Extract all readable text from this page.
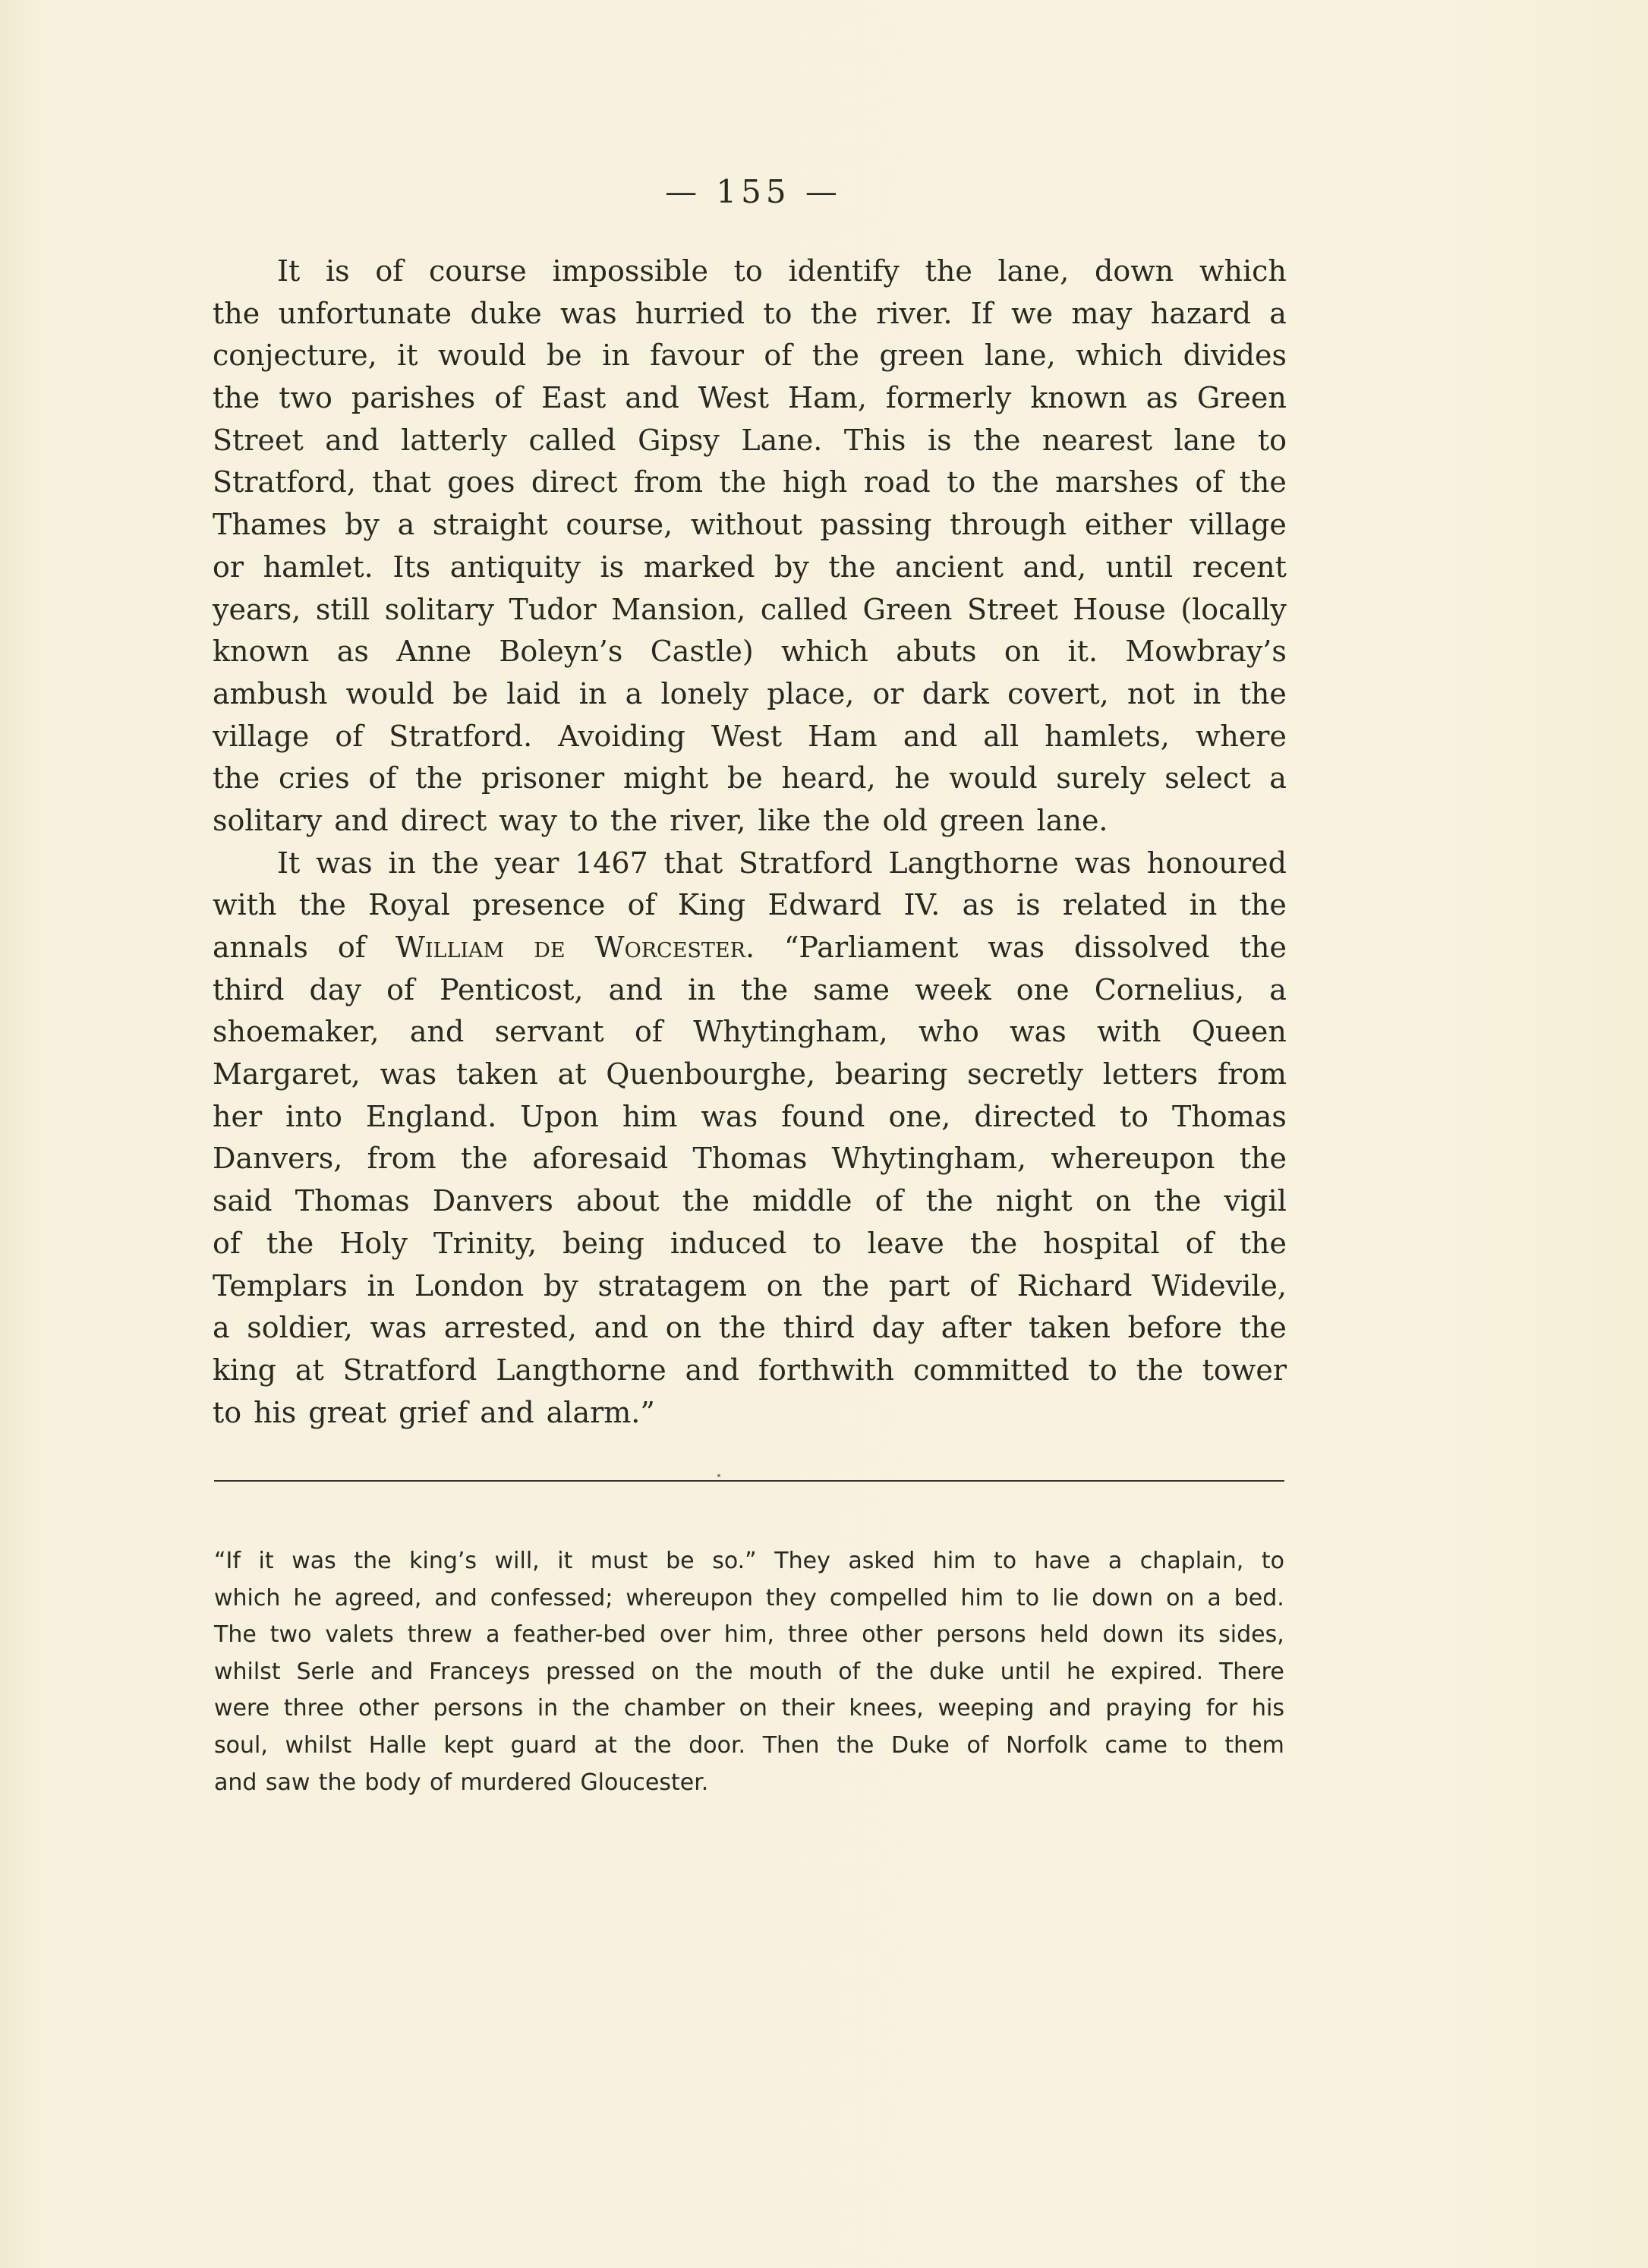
— 155 —
It is of course impossible to identify the lane, down which
the unfortunate duke was hurried to the river. If we may hazard a
conjecture, it would be in favour of the green lane, which divides
the two parishes of East and West Ham, formerly known as Green
Street and latterly called Gipsy Lane. This is the nearest lane to
Stratford, that goes direct from the high road to the marshes of the
Thames by a straight course, without passing through either village
or hamlet. Its antiquity is marked by the ancient and, until recent
years, still solitary Tudor Mansion, called Green Street House (locally
known as Anne Boleyn’s Castle) which abuts on it. Mowbray’s
ambush would be laid in a lonely place, or dark covert, not in the
village of Stratford. Avoiding West Ham and all hamlets, where
the cries of the prisoner might be heard, he would surely select a
solitary and direct way to the river, like the old green lane.
It was in the year 1467 that Stratford Langthorne was honoured
with the Royal presence of King Edward IV. as is related in the
annals of William de Worcester. “Parliament was dissolved the
third day of Penticost, and in the same week one Cornelius, a
shoemaker, and servant of Whytingham, who was with Queen
Margaret, was taken at Quenbourghe, bearing secretly letters from
her into England. Upon him was found one, directed to Thomas
Danvers, from the aforesaid Thomas Whytingham, whereupon the
said Thomas Danvers about the middle of the night on the vigil
of the Holy Trinity, being induced to leave the hospital of the
Templars in London by stratagem on the part of Richard Widevile,
a soldier, was arrested, and on the third day after taken before the
king at Stratford Langthorne and forthwith committed to the tower
to his great grief and alarm.”
“If it was the king’s will, it must be so.” They asked him to have a chaplain, to
which he agreed, and confessed; whereupon they compelled him to lie down on a bed.
The two valets threw a feather-bed over him, three other persons held down its sides,
whilst Serle and Franceys pressed on the mouth of the duke until he expired. There
were three other persons in the chamber on their knees, weeping and praying for his
soul, whilst Halle kept guard at the door. Then the Duke of Norfolk came to them
and saw the body of murdered Gloucester.
